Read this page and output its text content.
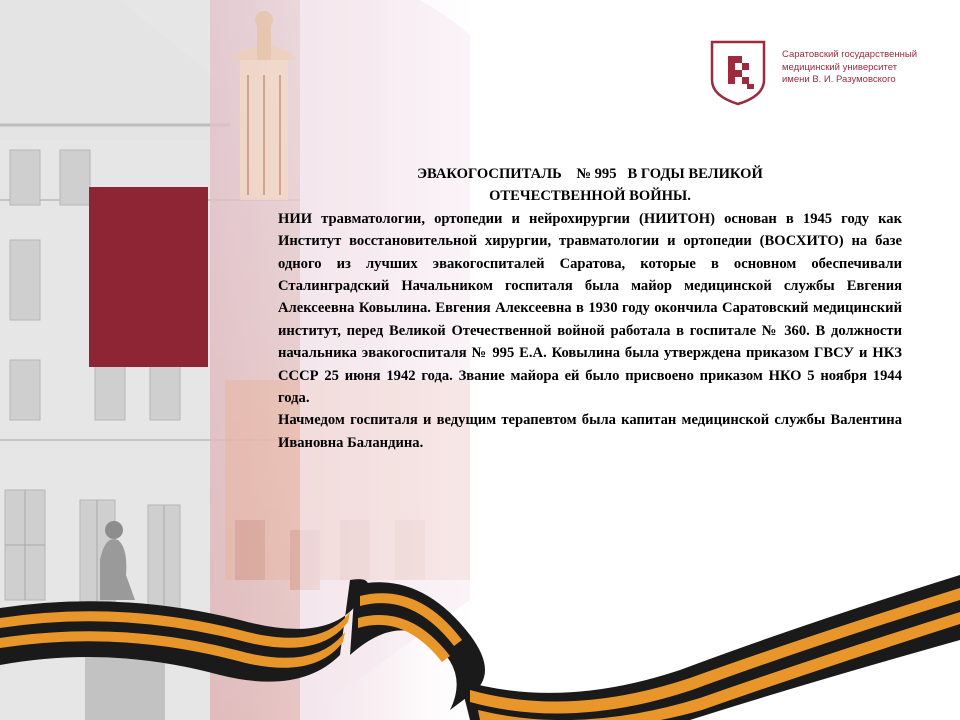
Саратовский государственный
медицинский университет
имени В. И. Разумовского

ЭВАКОГОСПИТАЛЬ    № 995   В ГОДЫ ВЕЛИКОЙ
ОТЕЧЕСТВЕННОЙ ВОЙНЫ.

НИИ травматологии, ортопедии и нейрохирургии (НИИТОН) основан в 1945 году как Институт восстановительной хирургии, травматологии и ортопедии (ВОСХИТО) на базе одного из лучших эвакогоспиталей Саратова, которые в основном обеспечивали Сталинградский Начальником госпиталя была майор медицинской службы Евгения Алексеевна Ковылина. Евгения Алексеевна в 1930 году окончила Саратовский медицинский институт, перед Великой Отечественной войной работала в госпитале № 360. В должности начальника эвакогоспиталя № 995 Е.А. Ковылина была утверждена приказом ГВСУ и НКЗ СССР 25 июня 1942 года. Звание майора ей было присвоено приказом НКО 5 ноября 1944 года.

Начмедом госпиталя и ведущим терапевтом была капитан медицинской службы Валентина Ивановна Баландина.
